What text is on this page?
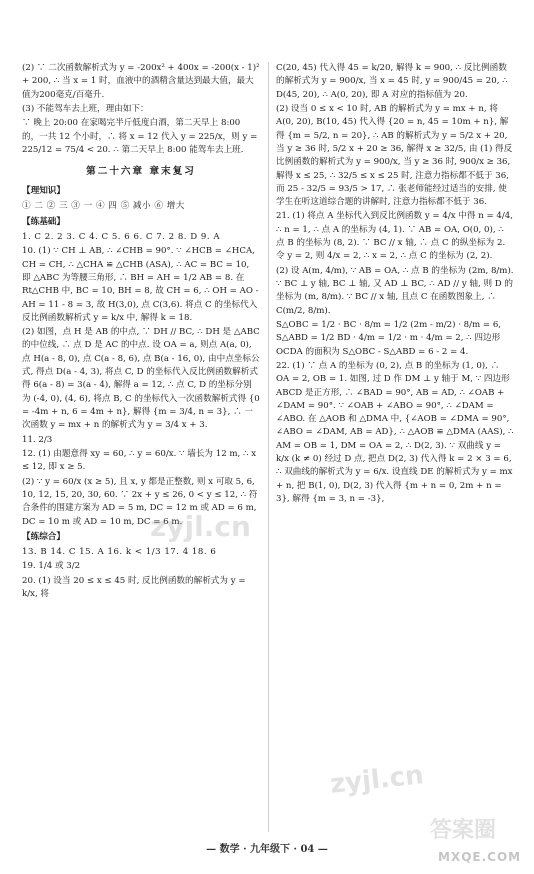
(2) ∵ 二次函数解析式为 y = -200x² + 400x = -200(x - 1)² + 200, ∴ 当 x = 1 时，血液中的酒精含量达到最大值，最大值为200毫克/百毫升.

(3) 不能驾车去上班，理由如下：

∵ 晚上 20:00 在家喝完半斤低度白酒，第二天早上 8:00 的，一共 12 个小时，∴ 将 x = 12 代入 y = 225/x，则 y = 225/12 = 75/4 < 20. ∴ 第二天早上 8:00 能驾车去上班.

第二十六章 章末复习

【理知识】

① 二 ② 三 ③ 一 ④ 四 ⑤ 减小 ⑥ 增大

【练基础】

1. C 2. 2 3. C 4. C 5. 6 6. C 7. 2 8. D 9. A

10. (1) ∵ CH ⊥ AB, ∴ ∠CHB = 90°. ∵ ∠HCB = ∠HCA, CH = CH, ∴ △CHA ≌ △CHB (ASA), ∴ AC = BC = 10, 即 △ABC 为等腰三角形, ∴ BH = AH = 1/2 AB = 8. 在 Rt△CHB 中, BC = 10, BH = 8, 故 CH = 6, ∴ OH = AO - AH = 11 - 8 = 3, 故 H(3,0), 点 C(3,6). 将点 C 的坐标代入反比例函数解析式 y = k/x 中, 解得 k = 18.

(2) 如图，点 H 是 AB 的中点, ∵ DH // BC, ∴ DH 是 △ABC 的中位线, ∴ 点 D 是 AC 的中点. 设 OA = a, 则点 A(a, 0), 点 H(a - 8, 0), 点 C(a - 8, 6), 点 B(a - 16, 0), 由中点坐标公式, 得点 D(a - 4, 3), 将点 C, D 的坐标代入反比例函数解析式得 6(a - 8) = 3(a - 4), 解得 a = 12, ∴ 点 C, D 的坐标分别为 (-4, 0), (4, 6), 将点 B, C 的坐标代入一次函数解析式得 {0 = -4m + n, 6 = 4m + n}, 解得 {m = 3/4, n = 3}, ∴ 一次函数 y = mx + n 的解析式为 y = 3/4 x + 3.

11. 2/3

12. (1) 由题意得 xy = 60, ∴ y = 60/x. ∵ 墙长为 12 m, ∴ x ≤ 12, 即 x ≥ 5.

(2) ∵ y = 60/x (x ≥ 5), 且 x, y 都是正整数, 则 x 可取 5, 6, 10, 12, 15, 20, 30, 60. ∵ 2x + y ≤ 26, 0 < y ≤ 12, ∴ 符合条件的围建方案为 AD = 5 m, DC = 12 m 或 AD = 6 m, DC = 10 m 或 AD = 10 m, DC = 6 m.

【练综合】

13. B 14. C 15. A 16. k < 1/3 17. 4 18. 6

19. 1/4 或 3/2

20. (1) 设当 20 ≤ x ≤ 45 时, 反比例函数的解析式为 y = k/x, 将

C(20, 45) 代入得 45 = k/20, 解得 k = 900, ∴ 反比例函数的解析式为 y = 900/x, 当 x = 45 时, y = 900/45 = 20, ∴ D(45, 20), ∴ A(0, 20), 即 A 对应的指标值为 20.

(2) 设当 0 ≤ x < 10 时, AB 的解析式为 y = mx + n, 将 A(0, 20), B(10, 45) 代入得 {20 = n, 45 = 10m + n}, 解得 {m = 5/2, n = 20}, ∴ AB 的解析式为 y = 5/2 x + 20, 当 y ≥ 36 时, 5/2 x + 20 ≥ 36, 解得 x ≥ 32/5, 由 (1) 得反比例函数的解析式为 y = 900/x, 当 y ≥ 36 时, 900/x ≥ 36, 解得 x ≤ 25, ∴ 32/5 ≤ x ≤ 25 时, 注意力指标都不低于 36, 而 25 - 32/5 = 93/5 > 17, ∴ 张老师能经过适当的安排, 使学生在听这道综合题的讲解时, 注意力指标都不低于 36.

21. (1) 将点 A 坐标代入到反比例函数 y = 4/x 中得 n = 4/4, ∴ n = 1, ∴ 点 A 的坐标为 (4, 1). ∵ AB = OA, O(0, 0), ∴ 点 B 的坐标为 (8, 2). ∵ BC // x 轴, ∴ 点 C 的纵坐标为 2. 令 y = 2, 则 4/x = 2, ∴ x = 2, ∴ 点 C 的坐标为 (2, 2).

(2) 设 A(m, 4/m), ∵ AB = OA, ∴ 点 B 的坐标为 (2m, 8/m). ∵ BC ⊥ y 轴, BC ⊥ 轴, 又 AD ⊥ BC, ∴ AD // y 轴, 则 D 的坐标为 (m, 8/m). ∵ BC // x 轴, 且点 C 在函数图象上, ∴ C(m/2, 8/m).

S△OBC = 1/2 · BC · 8/m = 1/2 (2m - m/2) · 8/m = 6, S△ABD = 1/2 BD · 4/m = 1/2 · m · 4/m = 2, ∴ 四边形 OCDA 的面积为 S△OBC - S△ABD = 6 - 2 = 4.

22. (1) ∵ 点 A 的坐标为 (0, 2), 点 B 的坐标为 (1, 0), ∴ OA = 2, OB = 1. 如图, 过 D 作 DM ⊥ y 轴于 M, ∵ 四边形 ABCD 是正方形, ∴ ∠BAD = 90°, AB = AD, ∴ ∠OAB + ∠DAM = 90°. ∵ ∠OAB + ∠ABO = 90°, ∴ ∠DAM = ∠ABO. 在 △AOB 和 △DMA 中, {∠AOB = ∠DMA = 90°, ∠ABO = ∠DAM, AB = AD}, ∴ △AOB ≌ △DMA (AAS), ∴ AM = OB = 1, DM = OA = 2, ∴ D(2, 3). ∵ 双曲线 y = k/x (k ≠ 0) 经过 D 点, 把点 D(2, 3) 代入得 k = 2 × 3 = 6, ∴ 双曲线的解析式为 y = 6/x. 设直线 DE 的解析式为 y = mx + n, 把 B(1, 0), D(2, 3) 代入得 {m + n = 0, 2m + n = 3}, 解得 {m = 3, n = -3},

— 数学 · 九年级下 · 04 —
zyjl.cn
zyjl.cn
答案圈
MXQE.COM
